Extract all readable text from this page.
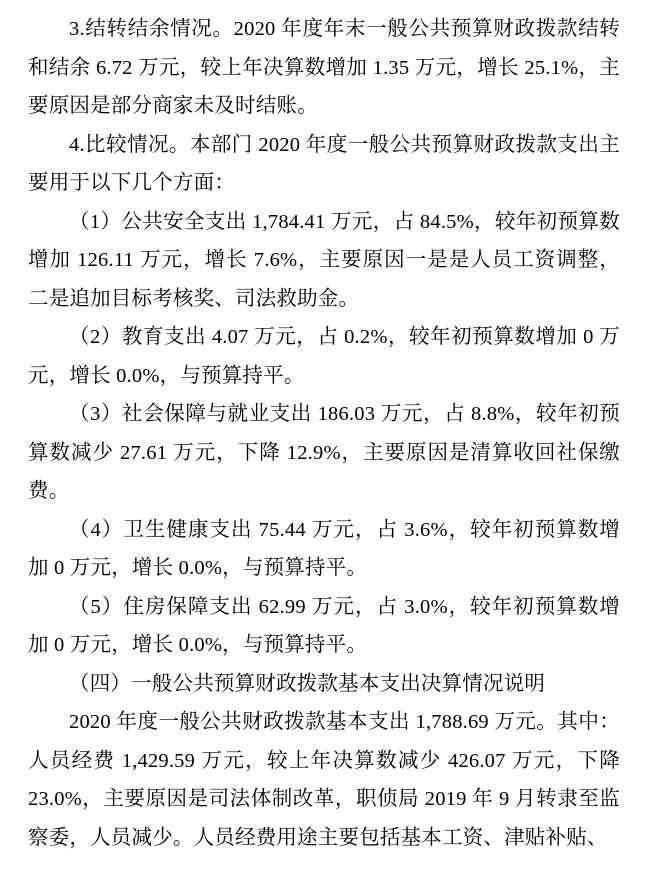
3.结转结余情况。2020 年度年末一般公共预算财政拨款结转和结余 6.72 万元，较上年决算数增加 1.35 万元，增长 25.1%，主要原因是部分商家未及时结账。

4.比较情况。本部门 2020 年度一般公共预算财政拨款支出主要用于以下几个方面：

（1）公共安全支出 1,784.41 万元，占 84.5%，较年初预算数增加 126.11 万元，增长 7.6%，主要原因一是是人员工资调整，二是追加目标考核奖、司法救助金。

（2）教育支出 4.07 万元，占 0.2%，较年初预算数增加 0 万元，增长 0.0%，与预算持平。

（3）社会保障与就业支出 186.03 万元，占 8.8%，较年初预算数减少 27.61 万元，下降 12.9%，主要原因是清算收回社保缴费。

（4）卫生健康支出 75.44 万元，占 3.6%，较年初预算数增加 0 万元，增长 0.0%，与预算持平。

（5）住房保障支出 62.99 万元，占 3.0%，较年初预算数增加 0 万元，增长 0.0%，与预算持平。

（四）一般公共预算财政拨款基本支出决算情况说明

2020 年度一般公共财政拨款基本支出 1,788.69 万元。其中：人员经费 1,429.59 万元，较上年决算数减少 426.07 万元，下降 23.0%，主要原因是司法体制改革，职侦局 2019 年 9 月转隶至监察委，人员减少。人员经费用途主要包括基本工资、津贴补贴、
